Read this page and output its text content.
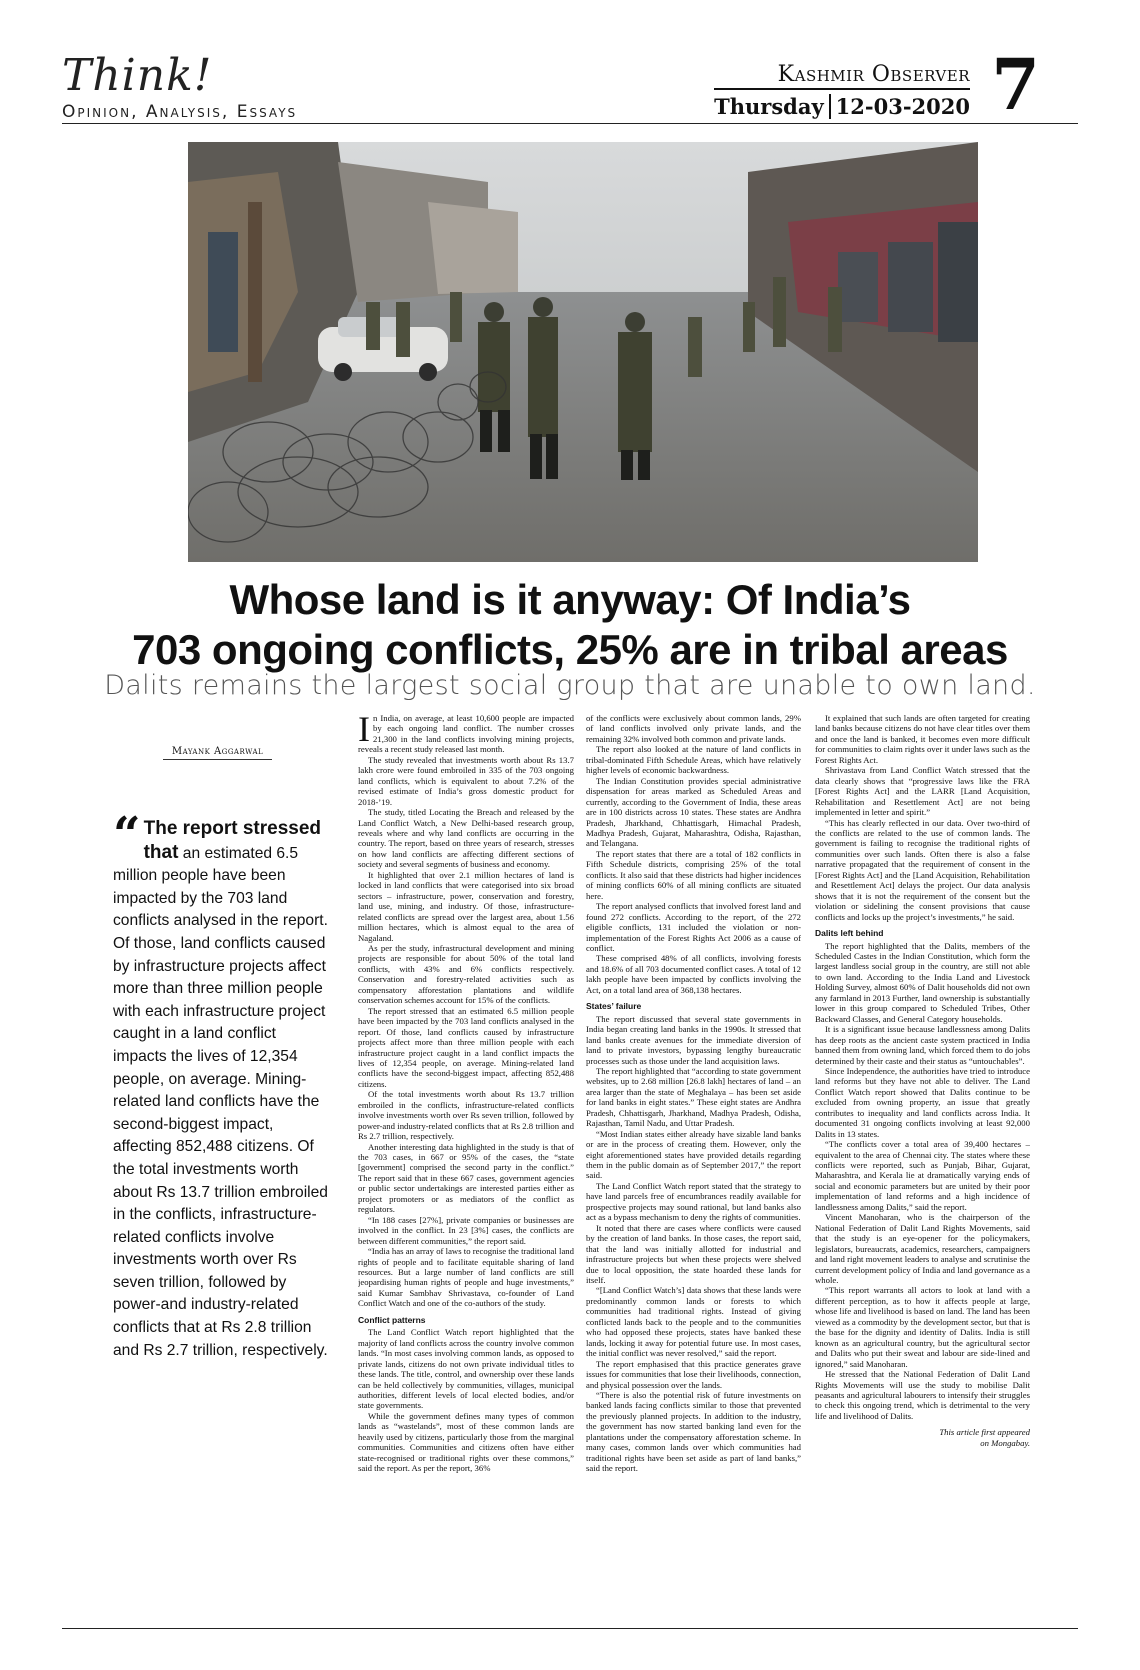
Think!
Opinion, Analysis, Essays
Kashmir Observer
Thursday 12-03-2020 7
Whose land is it anyway: Of India’s
703 ongoing conflicts, 25% are in tribal areas
Dalits remains the largest social group that are unable to own land.
Mayank Aggarwal
“ The report stressed that an estimated 6.5 million people have been impacted by the 703 land conflicts analysed in the report. Of those, land conflicts caused by infrastructure projects affect more than three million people with each infrastructure project caught in a land conflict impacts the lives of 12,354 people, on average. Mining-related land conflicts have the second-biggest impact, affecting 852,488 citizens. Of the total investments worth about Rs 13.7 trillion embroiled in the conflicts, infrastructure-related conflicts involve investments worth over Rs seven trillion, followed by power-and industry-related conflicts that at Rs 2.8 trillion and Rs 2.7 trillion, respectively.

In India, on average, at least 10,600 people are impacted by each ongoing land conflict. The number crosses 21,300 in the land conflicts involving mining projects, reveals a recent study released last month.

The study revealed that investments worth about Rs 13.7 lakh crore were found embroiled in 335 of the 703 ongoing land conflicts, which is equivalent to about 7.2% of the revised estimate of India’s gross domestic product for 2018-’19.

The study, titled Locating the Breach and released by the Land Conflict Watch, a New Delhi-based research group, reveals where and why land conflicts are occurring in the country. The report, based on three years of research, stresses on how land conflicts are affecting different sections of society and several segments of business and economy.

It highlighted that over 2.1 million hectares of land is locked in land conflicts that were categorised into six broad sectors – infrastructure, power, conservation and forestry, land use, mining, and industry. Of those, infrastructure-related conflicts are spread over the largest area, about 1.56 million hectares, which is almost equal to the area of Nagaland.

As per the study, infrastructural development and mining projects are responsible for about 50% of the total land conflicts, with 43% and 6% conflicts respectively. Conservation and forestry-related activities such as compensatory afforestation plantations and wildlife conservation schemes account for 15% of the conflicts.

The report stressed that an estimated 6.5 million people have been impacted by the 703 land conflicts analysed in the report. Of those, land conflicts caused by infrastructure projects affect more than three million people with each infrastructure project caught in a land conflict impacts the lives of 12,354 people, on average. Mining-related land conflicts have the second-biggest impact, affecting 852,488 citizens.

Of the total investments worth about Rs 13.7 trillion embroiled in the conflicts, infrastructure-related conflicts involve investments worth over Rs seven trillion, followed by power-and industry-related conflicts that at Rs 2.8 trillion and Rs 2.7 trillion, respectively.

Another interesting data highlighted in the study is that of the 703 cases, in 667 or 95% of the cases, the “state [government] comprised the second party in the conflict.” The report said that in these 667 cases, government agencies or public sector undertakings are interested parties either as project promoters or as mediators of the conflict as regulators.

“In 188 cases [27%], private companies or businesses are involved in the conflict. In 23 [3%] cases, the conflicts are between different communities,” the report said.

“India has an array of laws to recognise the traditional land rights of people and to facilitate equitable sharing of land resources. But a large number of land conflicts are still jeopardising human rights of people and huge investments,” said Kumar Sambhav Shrivastava, co-founder of Land Conflict Watch and one of the co-authors of the study.

Conflict patterns

The Land Conflict Watch report highlighted that the majority of land conflicts across the country involve common lands. “In most cases involving common lands, as opposed to private lands, citizens do not own private individual titles to these lands. The title, control, and ownership over these lands can be held collectively by communities, villages, municipal authorities, different levels of local elected bodies, and/or state governments.

While the government defines many types of common lands as “wastelands”, most of these common lands are heavily used by citizens, particularly those from the marginal communities. Communities and citizens often have either state-recognised or traditional rights over these commons,” said the report. As per the report, 36%

of the conflicts were exclusively about common lands, 29% of land conflicts involved only private lands, and the remaining 32% involved both common and private lands.

The report also looked at the nature of land conflicts in tribal-dominated Fifth Schedule Areas, which have relatively higher levels of economic backwardness.

The Indian Constitution provides special administrative dispensation for areas marked as Scheduled Areas and currently, according to the Government of India, these areas are in 100 districts across 10 states. These states are Andhra Pradesh, Jharkhand, Chhattisgarh, Himachal Pradesh, Madhya Pradesh, Gujarat, Maharashtra, Odisha, Rajasthan, and Telangana.

The report states that there are a total of 182 conflicts in Fifth Schedule districts, comprising 25% of the total conflicts. It also said that these districts had higher incidences of mining conflicts 60% of all mining conflicts are situated here.

The report analysed conflicts that involved forest land and found 272 conflicts. According to the report, of the 272 eligible conflicts, 131 included the violation or non-implementation of the Forest Rights Act 2006 as a cause of conflict.

These comprised 48% of all conflicts, involving forests and 18.6% of all 703 documented conflict cases. A total of 12 lakh people have been impacted by conflicts involving the Act, on a total land area of 368,138 hectares.

States’ failure

The report discussed that several state governments in India began creating land banks in the 1990s. It stressed that land banks create avenues for the immediate diversion of land to private investors, bypassing lengthy bureaucratic processes such as those under the land acquisition laws.

The report highlighted that “according to state government websites, up to 2.68 million [26.8 lakh] hectares of land – an area larger than the state of Meghalaya – has been set aside for land banks in eight states.” These eight states are Andhra Pradesh, Chhattisgarh, Jharkhand, Madhya Pradesh, Odisha, Rajasthan, Tamil Nadu, and Uttar Pradesh.

“Most Indian states either already have sizable land banks or are in the process of creating them. However, only the eight aforementioned states have provided details regarding them in the public domain as of September 2017,” the report said.

The Land Conflict Watch report stated that the strategy to have land parcels free of encumbrances readily available for prospective projects may sound rational, but land banks also act as a bypass mechanism to deny the rights of communities.

It noted that there are cases where conflicts were caused by the creation of land banks. In those cases, the report said, that the land was initially allotted for industrial and infrastructure projects but when these projects were shelved due to local opposition, the state hoarded these lands for itself.

“[Land Conflict Watch’s] data shows that these lands were predominantly common lands or forests to which communities had traditional rights. Instead of giving conflicted lands back to the people and to the communities who had opposed these projects, states have banked these lands, locking it away for potential future use. In most cases, the initial conflict was never resolved,” said the report.

The report emphasised that this practice generates grave issues for communities that lose their livelihoods, connection, and physical possession over the lands.

“There is also the potential risk of future investments on banked lands facing conflicts similar to those that prevented the previously planned projects. In addition to the industry, the government has now started banking land even for the plantations under the compensatory afforestation scheme. In many cases, common lands over which communities had traditional rights have been set aside as part of land banks,” said the report.

It explained that such lands are often targeted for creating land banks because citizens do not have clear titles over them and once the land is banked, it becomes even more difficult for communities to claim rights over it under laws such as the Forest Rights Act.

Shrivastava from Land Conflict Watch stressed that the data clearly shows that “progressive laws like the FRA [Forest Rights Act] and the LARR [Land Acquisition, Rehabilitation and Resettlement Act] are not being implemented in letter and spirit.”

“This has clearly reflected in our data. Over two-third of the conflicts are related to the use of common lands. The government is failing to recognise the traditional rights of communities over such lands. Often there is also a false narrative propagated that the requirement of consent in the [Forest Rights Act] and the [Land Acquisition, Rehabilitation and Resettlement Act] delays the project. Our data analysis shows that it is not the requirement of the consent but the violation or sidelining the consent provisions that cause conflicts and locks up the project’s investments,” he said.

Dalits left behind

The report highlighted that the Dalits, members of the Scheduled Castes in the Indian Constitution, which form the largest landless social group in the country, are still not able to own land. According to the India Land and Livestock Holding Survey, almost 60% of Dalit households did not own any farmland in 2013 Further, land ownership is substantially lower in this group compared to Scheduled Tribes, Other Backward Classes, and General Category households.

It is a significant issue because landlessness among Dalits has deep roots as the ancient caste system practiced in India banned them from owning land, which forced them to do jobs determined by their caste and their status as “untouchables”.

Since Independence, the authorities have tried to introduce land reforms but they have not able to deliver. The Land Conflict Watch report showed that Dalits continue to be excluded from owning property, an issue that greatly contributes to inequality and land conflicts across India. It documented 31 ongoing conflicts involving at least 92,000 Dalits in 13 states.

“The conflicts cover a total area of 39,400 hectares – equivalent to the area of Chennai city. The states where these conflicts were reported, such as Punjab, Bihar, Gujarat, Maharashtra, and Kerala lie at dramatically varying ends of social and economic parameters but are united by their poor implementation of land reforms and a high incidence of landlessness among Dalits,” said the report.

Vincent Manoharan, who is the chairperson of the National Federation of Dalit Land Rights Movements, said that the study is an eye-opener for the policymakers, legislators, bureaucrats, academics, researchers, campaigners and land right movement leaders to analyse and scrutinise the current development policy of India and land governance as a whole.

“This report warrants all actors to look at land with a different perception, as to how it affects people at large, whose life and livelihood is based on land. The land has been viewed as a commodity by the development sector, but that is the base for the dignity and identity of Dalits. India is still known as an agricultural country, but the agricultural sector and Dalits who put their sweat and labour are side-lined and ignored,” said Manoharan.

He stressed that the National Federation of Dalit Land Rights Movements will use the study to mobilise Dalit peasants and agricultural labourers to intensify their struggles to check this ongoing trend, which is detrimental to the very life and livelihood of Dalits.

This article first appeared
on Mongabay.
